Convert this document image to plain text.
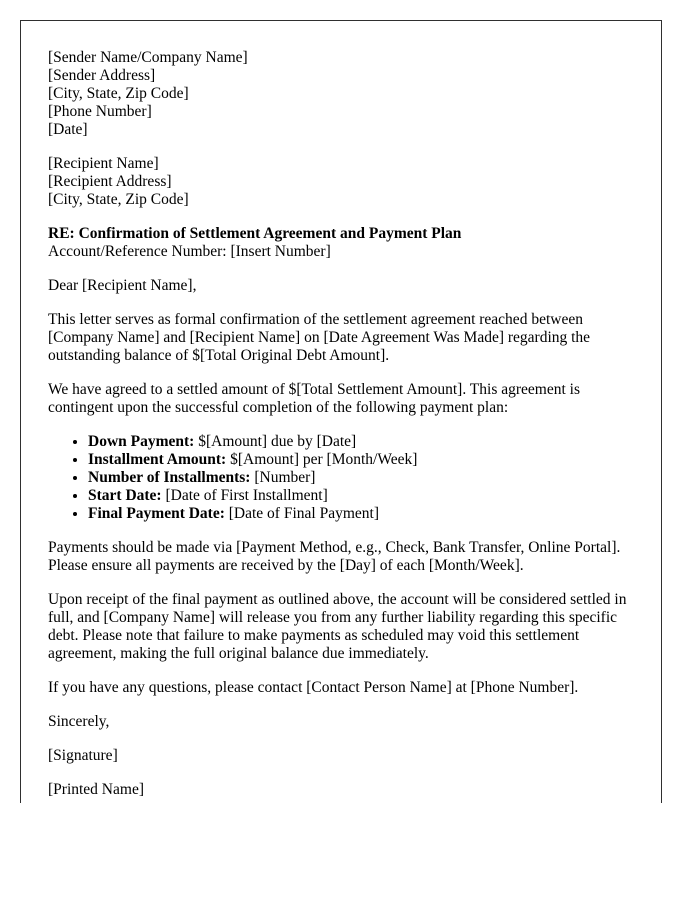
[Sender Name/Company Name]
[Sender Address]
[City, State, Zip Code]
[Phone Number]
[Date]
[Recipient Name]
[Recipient Address]
[City, State, Zip Code]
RE: Confirmation of Settlement Agreement and Payment Plan
Account/Reference Number: [Insert Number]

Dear [Recipient Name],

This letter serves as formal confirmation of the settlement agreement reached between [Company Name] and [Recipient Name] on [Date Agreement Was Made] regarding the outstanding balance of $[Total Original Debt Amount].

We have agreed to a settled amount of $[Total Settlement Amount]. This agreement is contingent upon the successful completion of the following payment plan:

• Down Payment: $[Amount] due by [Date]
• Installment Amount: $[Amount] per [Month/Week]
• Number of Installments: [Number]
• Start Date: [Date of First Installment]
• Final Payment Date: [Date of Final Payment]

Payments should be made via [Payment Method, e.g., Check, Bank Transfer, Online Portal]. Please ensure all payments are received by the [Day] of each [Month/Week].

Upon receipt of the final payment as outlined above, the account will be considered settled in full, and [Company Name] will release you from any further liability regarding this specific debt. Please note that failure to make payments as scheduled may void this settlement agreement, making the full original balance due immediately.

If you have any questions, please contact [Contact Person Name] at [Phone Number].

Sincerely,

[Signature]

[Printed Name]
